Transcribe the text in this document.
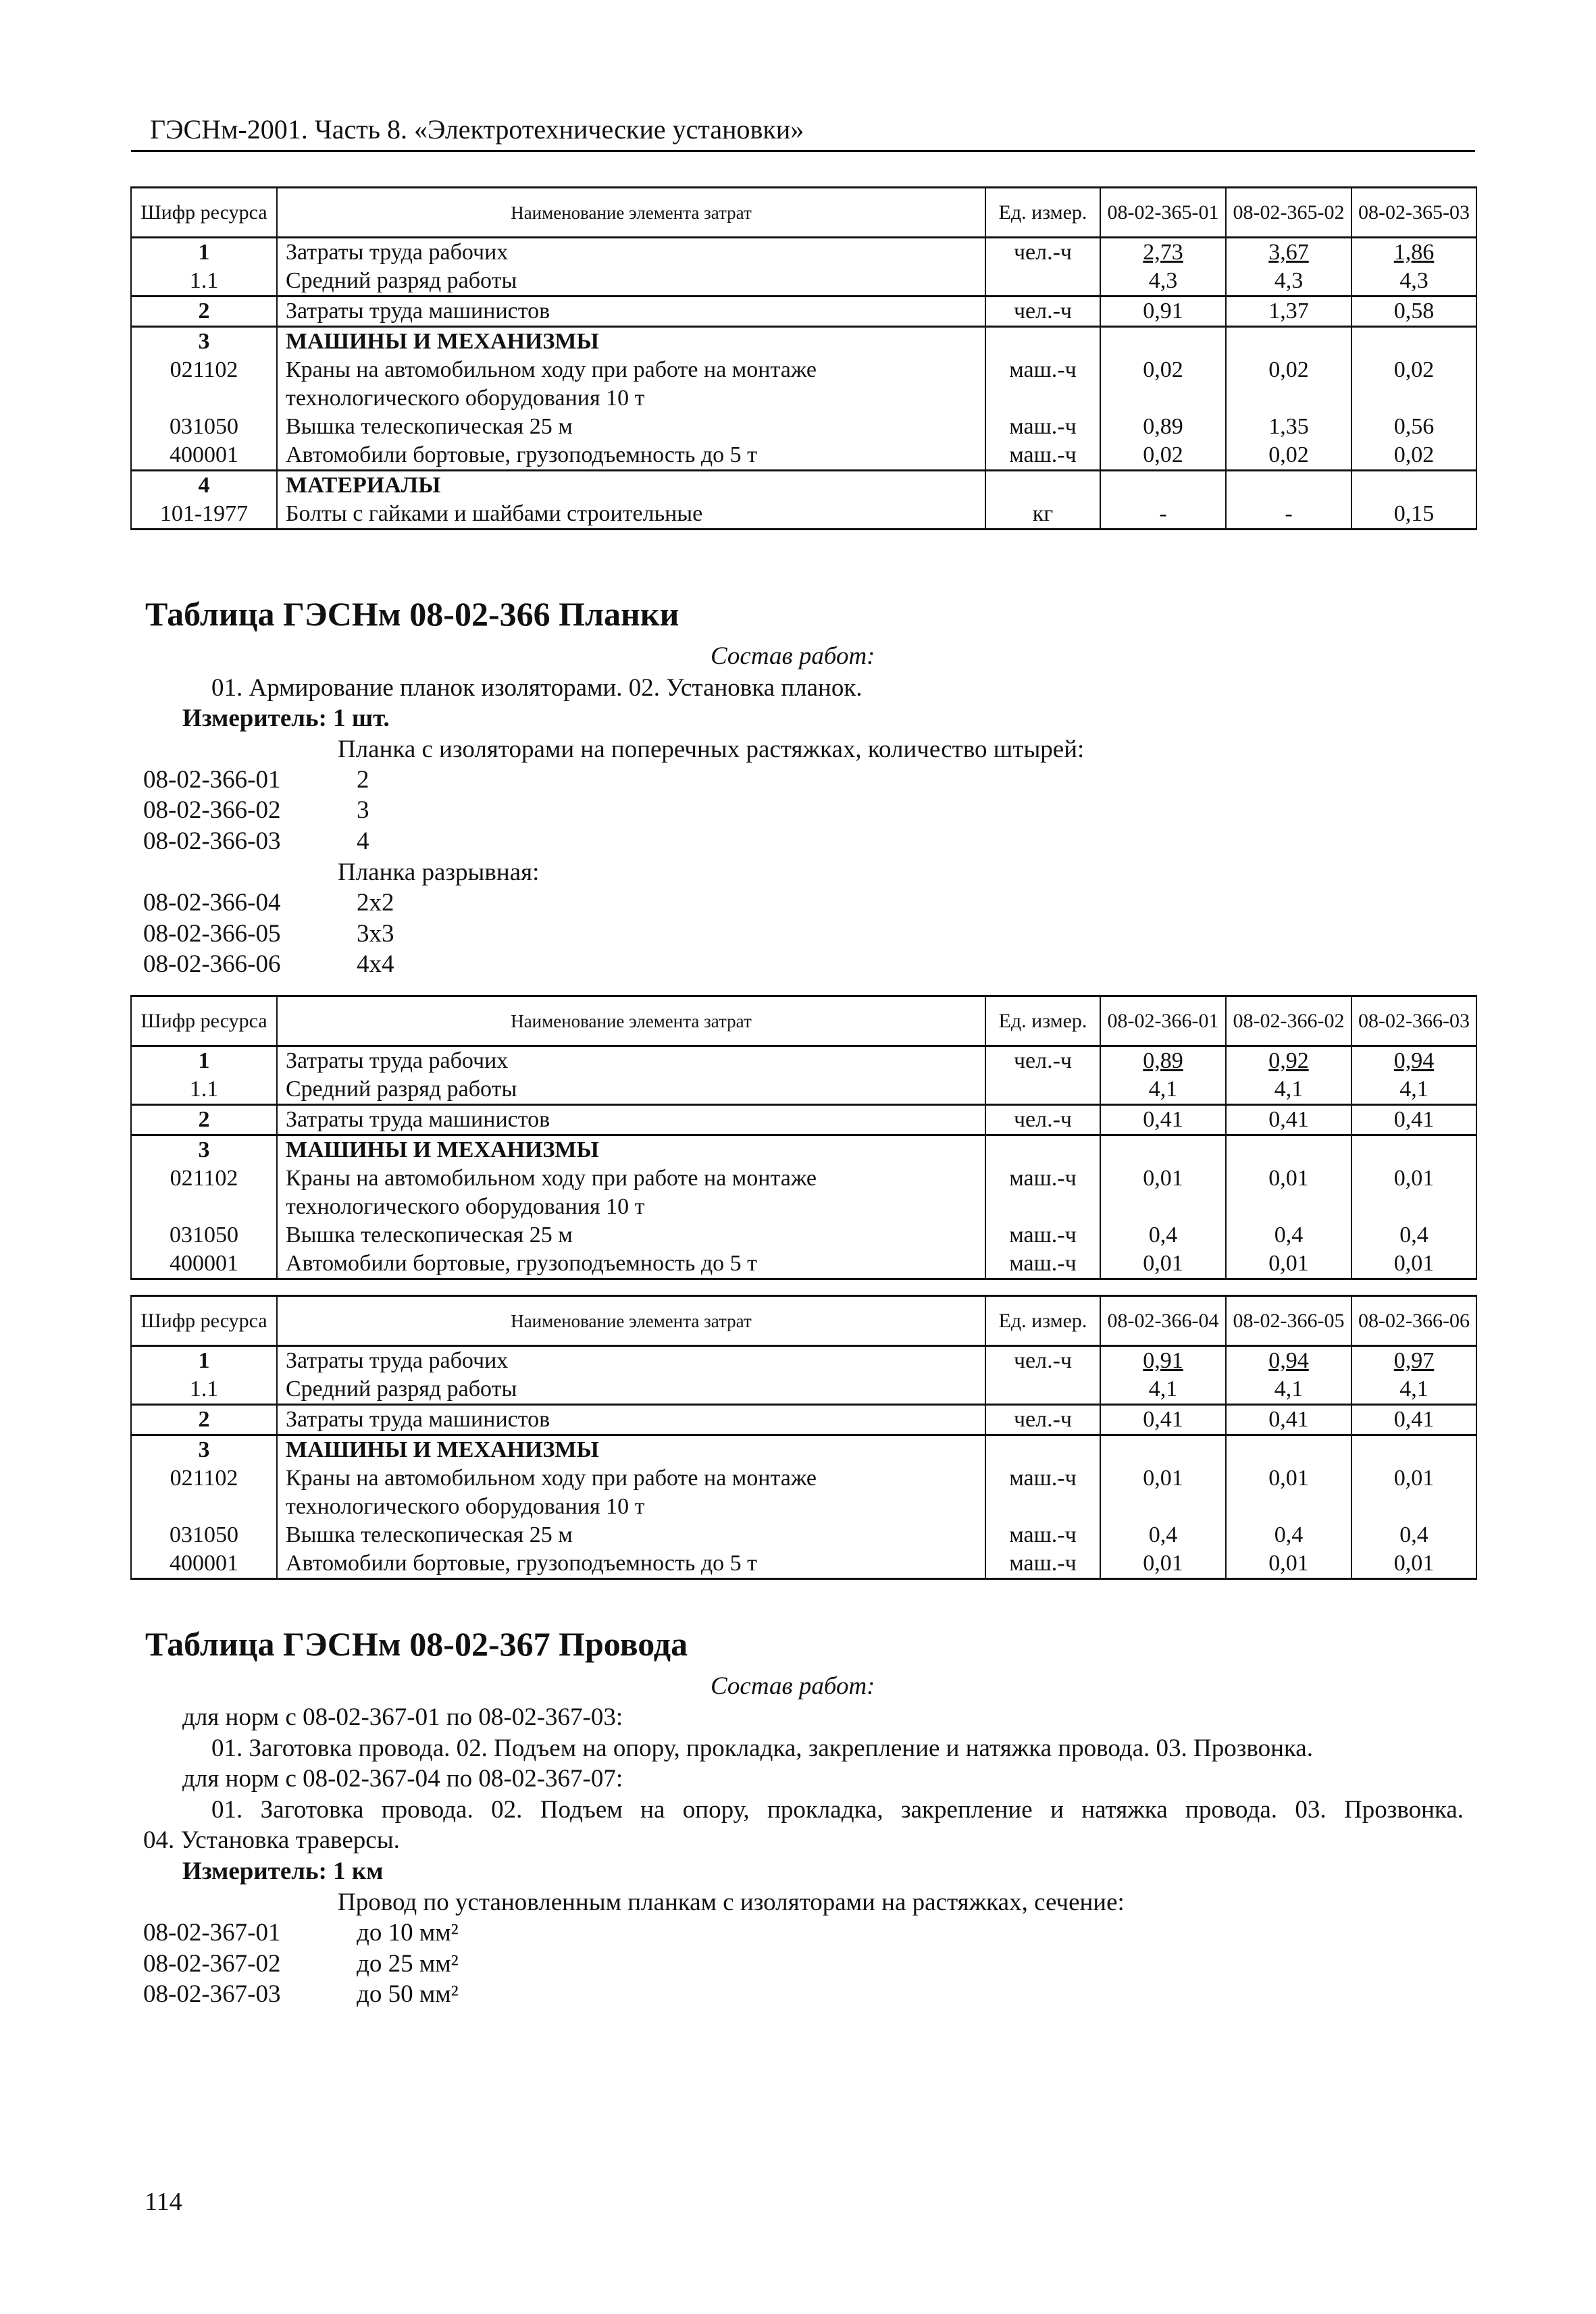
ГЭСНм-2001. Часть 8. «Электротехнические установки»
Шифр ресурса	Наименование элемента затрат	Ед. измер.	08-02-365-01	08-02-365-02	08-02-365-03
1	Затраты труда рабочих	чел.-ч	2,73	3,67	1,86
1.1	Средний разряд работы		4,3	4,3	4,3
2	Затраты труда машинистов	чел.-ч	0,91	1,37	0,58
3	МАШИНЫ И МЕХАНИЗМЫ				
021102	Краны на автомобильном ходу при работе на монтаже технологического оборудования 10 т	маш.-ч	0,02	0,02	0,02
031050	Вышка телескопическая 25 м	маш.-ч	0,89	1,35	0,56
400001	Автомобили бортовые, грузоподъемность до 5 т	маш.-ч	0,02	0,02	0,02
4	МАТЕРИАЛЫ				
101-1977	Болты с гайками и шайбами строительные	кг	-	-	0,15
Таблица ГЭСНм 08-02-366 Планки
Состав работ:
01. Армирование планок изоляторами. 02. Установка планок.
Измеритель: 1 шт.
Планка с изоляторами на поперечных растяжках, количество штырей:
08-02-366-01	2
08-02-366-02	3
08-02-366-03	4
Планка разрывная:
08-02-366-04	2х2
08-02-366-05	3х3
08-02-366-06	4х4
Шифр ресурса	Наименование элемента затрат	Ед. измер.	08-02-366-01	08-02-366-02	08-02-366-03
1	Затраты труда рабочих	чел.-ч	0,89	0,92	0,94
1.1	Средний разряд работы		4,1	4,1	4,1
2	Затраты труда машинистов	чел.-ч	0,41	0,41	0,41
3	МАШИНЫ И МЕХАНИЗМЫ				
021102	Краны на автомобильном ходу при работе на монтаже технологического оборудования 10 т	маш.-ч	0,01	0,01	0,01
031050	Вышка телескопическая 25 м	маш.-ч	0,4	0,4	0,4
400001	Автомобили бортовые, грузоподъемность до 5 т	маш.-ч	0,01	0,01	0,01
Шифр ресурса	Наименование элемента затрат	Ед. измер.	08-02-366-04	08-02-366-05	08-02-366-06
1	Затраты труда рабочих	чел.-ч	0,91	0,94	0,97
1.1	Средний разряд работы		4,1	4,1	4,1
2	Затраты труда машинистов	чел.-ч	0,41	0,41	0,41
3	МАШИНЫ И МЕХАНИЗМЫ				
021102	Краны на автомобильном ходу при работе на монтаже технологического оборудования 10 т	маш.-ч	0,01	0,01	0,01
031050	Вышка телескопическая 25 м	маш.-ч	0,4	0,4	0,4
400001	Автомобили бортовые, грузоподъемность до 5 т	маш.-ч	0,01	0,01	0,01
Таблица ГЭСНм 08-02-367 Провода
Состав работ:
для норм с 08-02-367-01 по 08-02-367-03:
01. Заготовка провода. 02. Подъем на опору, прокладка, закрепление и натяжка провода. 03. Прозвонка.
для норм с 08-02-367-04 по 08-02-367-07:
01. Заготовка провода. 02. Подъем на опору, прокладка, закрепление и натяжка провода. 03. Прозвонка.
04. Установка траверсы.
Измеритель: 1 км
Провод по установленным планкам с изоляторами на растяжках, сечение:
08-02-367-01	до 10 мм²
08-02-367-02	до 25 мм²
08-02-367-03	до 50 мм²
114
